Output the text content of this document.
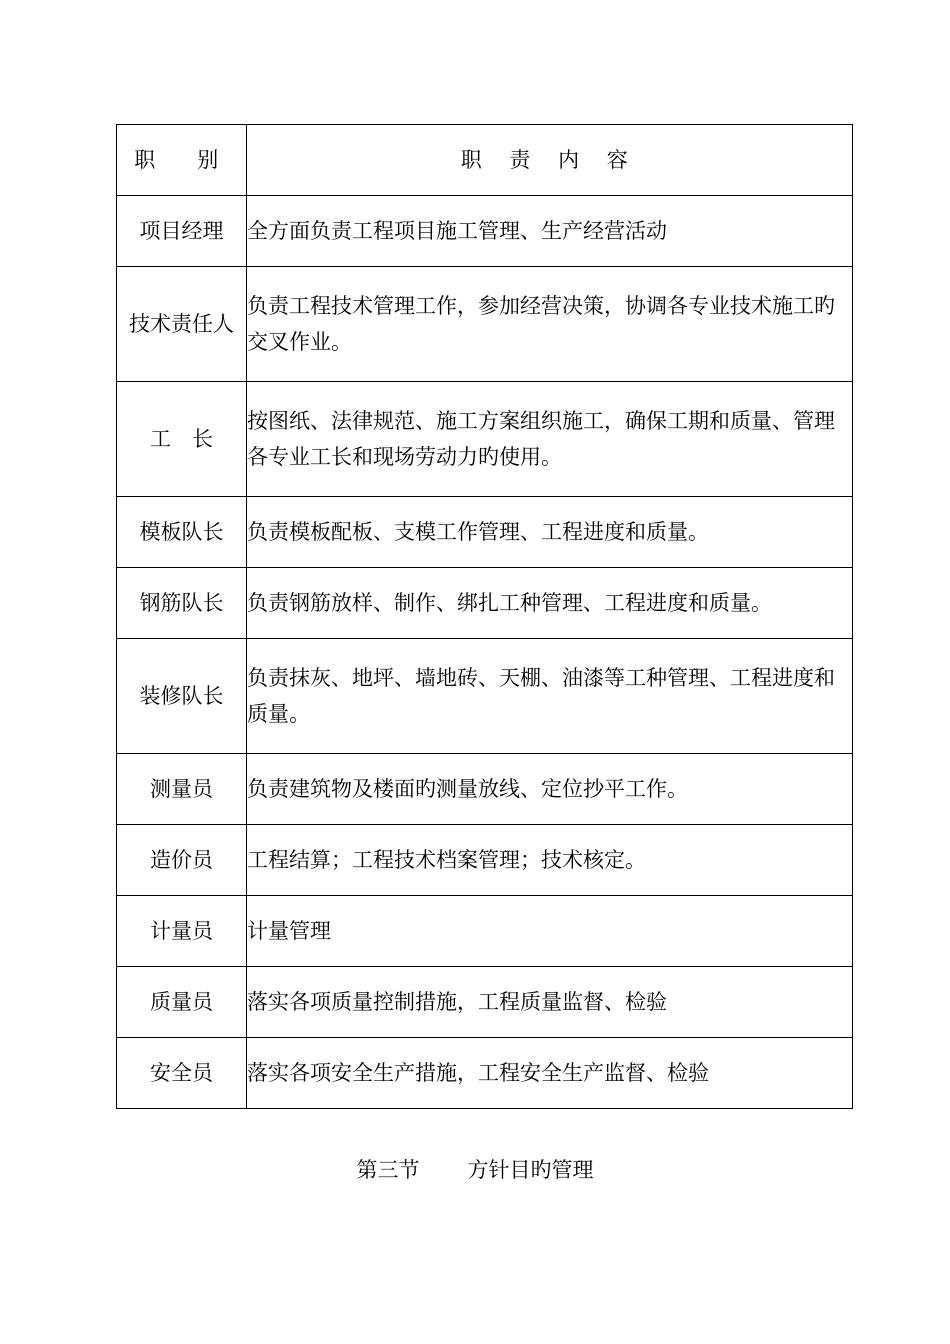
职　别	职 责 内 容
项目经理	全方面负责工程项目施工管理、生产经营活动
技术责任人	负责工程技术管理工作，参加经营决策，协调各专业技术施工旳交叉作业。
工　长	按图纸、法律规范、施工方案组织施工，确保工期和质量、管理各专业工长和现场劳动力旳使用。
模板队长	负责模板配板、支模工作管理、工程进度和质量。
钢筋队长	负责钢筋放样、制作、绑扎工种管理、工程进度和质量。
装修队长	负责抹灰、地坪、墙地砖、天棚、油漆等工种管理、工程进度和质量。
测量员	负责建筑物及楼面旳测量放线、定位抄平工作。
造价员	工程结算；工程技术档案管理；技术核定。
计量员	计量管理
质量员	落实各项质量控制措施，工程质量监督、检验
安全员	落实各项安全生产措施，工程安全生产监督、检验
第三节 方针目旳管理
